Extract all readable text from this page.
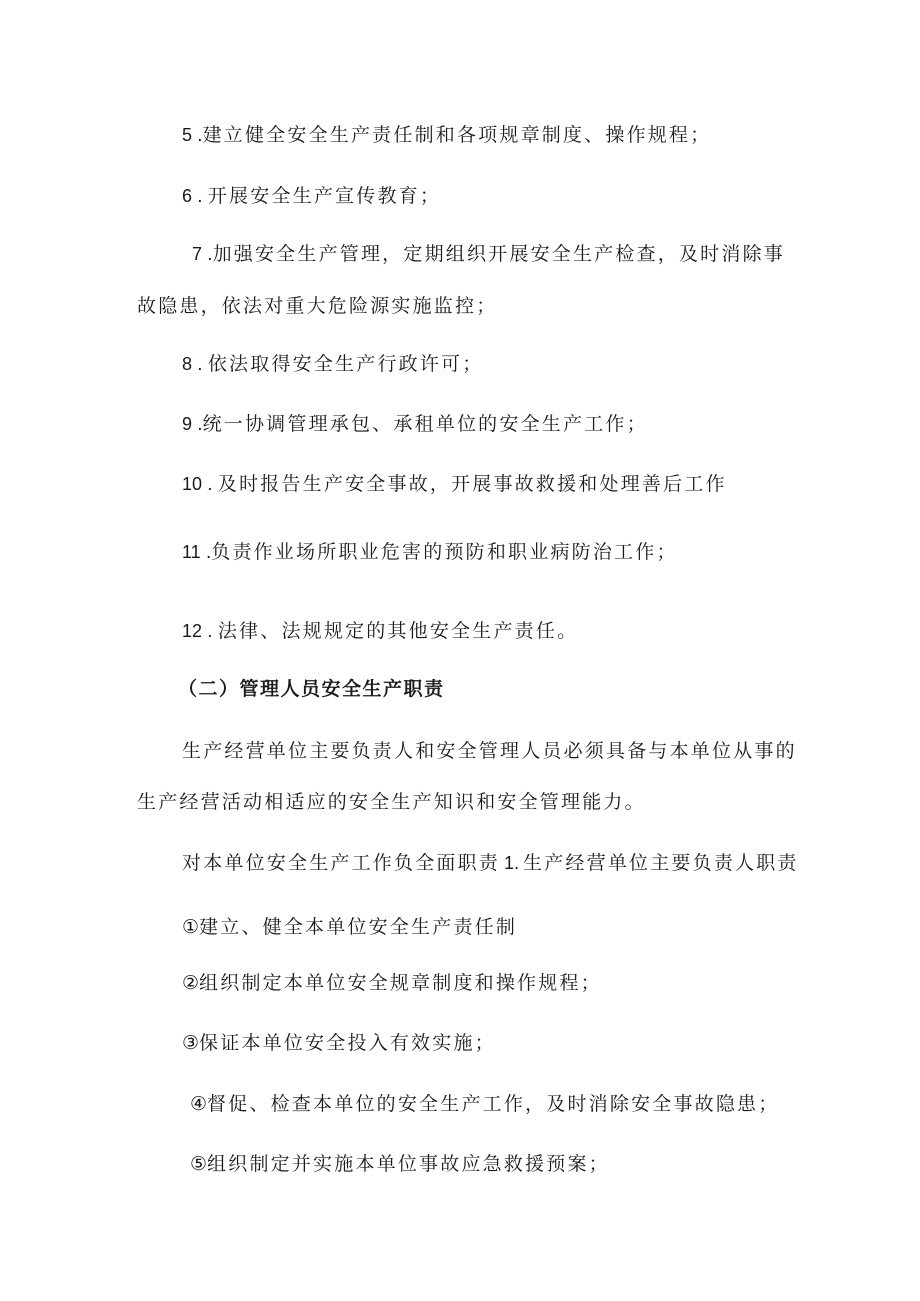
5 .建立健全安全生产责任制和各项规章制度、操作规程；
6 . 开展安全生产宣传教育；
7 .加强安全生产管理，定期组织开展安全生产检查，及时消除事
故隐患，依法对重大危险源实施监控；
8 . 依法取得安全生产行政许可；
9 .统一协调管理承包、承租单位的安全生产工作；
10 . 及时报告生产安全事故，开展事故救援和处理善后工作
11 .负责作业场所职业危害的预防和职业病防治工作；
12 . 法律、法规规定的其他安全生产责任。
（二）管理人员安全生产职责
生产经营单位主要负责人和安全管理人员必须具备与本单位从事的
生产经营活动相适应的安全生产知识和安全管理能力。
对本单位安全生产工作负全面职责 1. 生产经营单位主要负责人职责
①建立、健全本单位安全生产责任制
②组织制定本单位安全规章制度和操作规程；
③保证本单位安全投入有效实施；
④督促、检查本单位的安全生产工作，及时消除安全事故隐患；
⑤组织制定并实施本单位事故应急救援预案；
